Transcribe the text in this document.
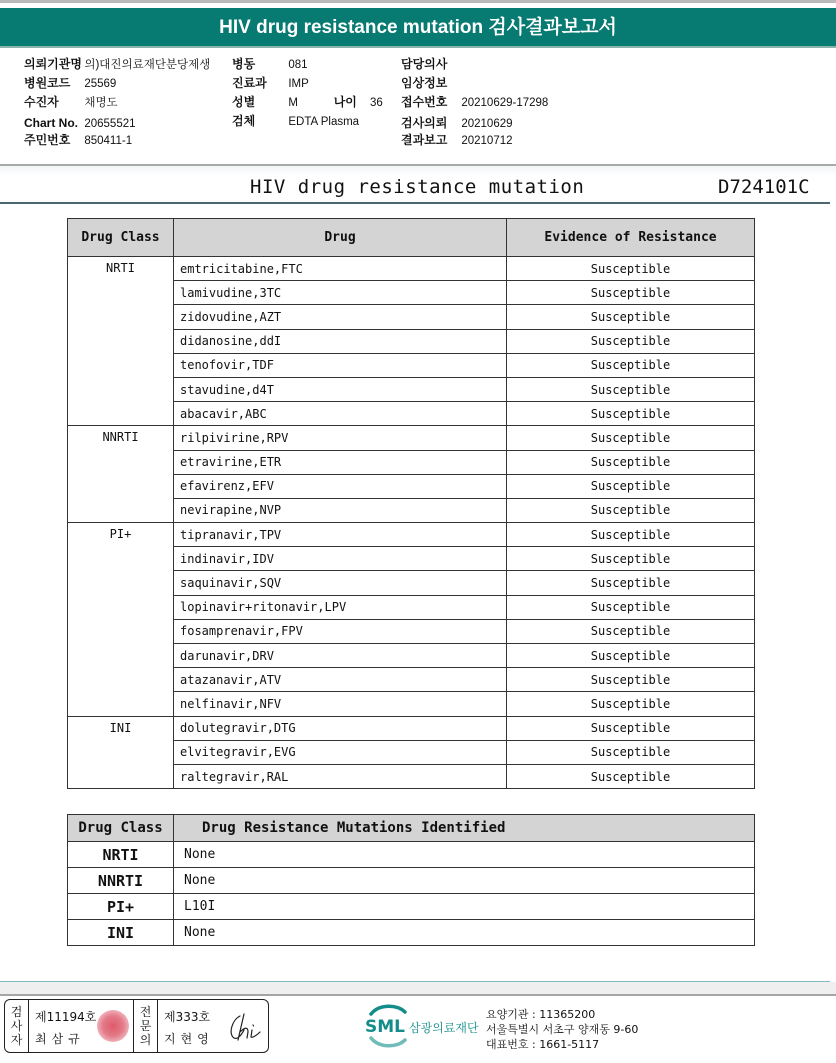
HIV drug resistance mutation 검사결과보고서
의뢰기관명 의)대진의료재단분당제생
병원코드 25569
수진자 채명도
Chart No. 20655521
주민번호 850411-1
병동	081
진료과 IMP
성별	M	나이 36
검체	EDTA Plasma
담당의사
임상정보
접수번호 20210629-17298
검사의뢰 20210629
결과보고 20210712
HIV drug resistance mutation	D724101C
Drug Class	Drug	Evidence of Resistance
NRTI	emtricitabine,FTC	Susceptible
	lamivudine,3TC	Susceptible
	zidovudine,AZT	Susceptible
	didanosine,ddI	Susceptible
	tenofovir,TDF	Susceptible
	stavudine,d4T	Susceptible
	abacavir,ABC	Susceptible
NNRTI	rilpivirine,RPV	Susceptible
	etravirine,ETR	Susceptible
	efavirenz,EFV	Susceptible
	nevirapine,NVP	Susceptible
PI+	tipranavir,TPV	Susceptible
	indinavir,IDV	Susceptible
	saquinavir,SQV	Susceptible
	lopinavir+ritonavir,LPV	Susceptible
	fosamprenavir,FPV	Susceptible
	darunavir,DRV	Susceptible
	atazanavir,ATV	Susceptible
	nelfinavir,NFV	Susceptible
INI	dolutegravir,DTG	Susceptible
	elvitegravir,EVG	Susceptible
	raltegravir,RAL	Susceptible
Drug Class	Drug Resistance Mutations Identified
NRTI	None
NNRTI	None
PI+	L10I
INI	None
검
사
자
제11194호
최삼규
전
문
의
제333호
지현영
SML 삼광의료재단
요양기관 : 11365200
서울특별시 서초구 양재동 9-60
대표번호 : 1661-5117
